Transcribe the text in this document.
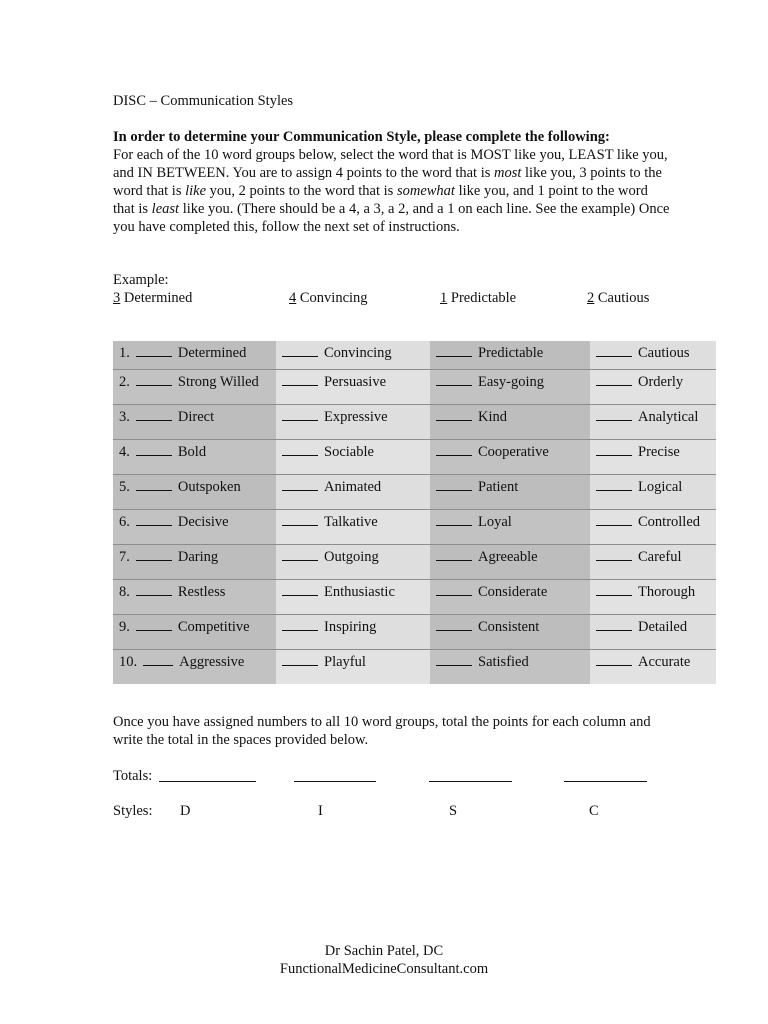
DISC – Communication Styles
In order to determine your Communication Style, please complete the following:
For each of the 10 word groups below, select the word that is MOST like you, LEAST like you, and IN BETWEEN. You are to assign 4 points to the word that is most like you, 3 points to the word that is like you, 2 points to the word that is somewhat like you, and 1 point to the word that is least like you. (There should be a 4, a 3, a 2, and a 1 on each line. See the example) Once you have completed this, follow the next set of instructions.
Example:
3 Determined	4 Convincing	1 Predictable	2 Cautious
1. Determined	Convincing	Predictable	Cautious
2. Strong Willed	Persuasive	Easy-going	Orderly
3. Direct	Expressive	Kind	Analytical
4. Bold	Sociable	Cooperative	Precise
5. Outspoken	Animated	Patient	Logical
6. Decisive	Talkative	Loyal	Controlled
7. Daring	Outgoing	Agreeable	Careful
8. Restless	Enthusiastic	Considerate	Thorough
9. Competitive	Inspiring	Consistent	Detailed
10. Aggressive	Playful	Satisfied	Accurate
Once you have assigned numbers to all 10 word groups, total the points for each column and write the total in the spaces provided below.
Totals:
Styles: D	I	S	C
Dr Sachin Patel, DC
FunctionalMedicineConsultant.com
